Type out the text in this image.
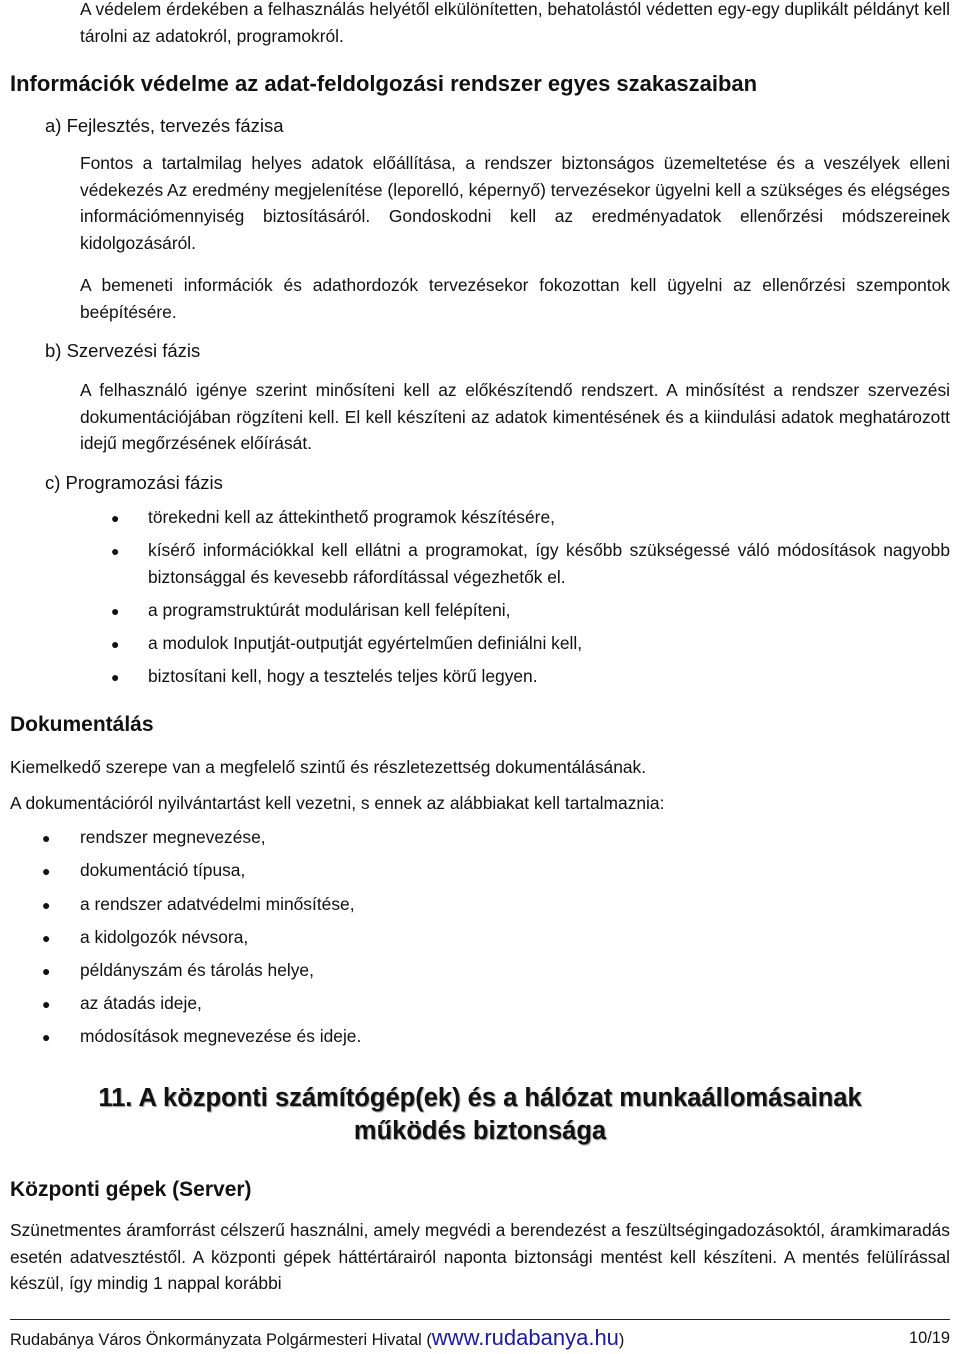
A védelem érdekében a felhasználás helyétől elkülönítetten, behatolástól védetten egy-egy duplikált példányt kell tárolni az adatokról, programokról.
Információk védelme az adat-feldolgozási rendszer egyes szakaszaiban
a) Fejlesztés, tervezés fázisa
Fontos a tartalmilag helyes adatok előállítása, a rendszer biztonságos üzemeltetése és a veszélyek elleni védekezés Az eredmény megjelenítése (leporelló, képernyő) tervezésekor ügyelni kell a szükséges és elégséges információmennyiség biztosításáról. Gondoskodni kell az eredményadatok ellenőrzési módszereinek kidolgozásáról.
A bemeneti információk és adathordozók tervezésekor fokozottan kell ügyelni az ellenőrzési szempontok beépítésére.
b) Szervezési fázis
A felhasználó igénye szerint minősíteni kell az előkészítendő rendszert. A minősítést a rendszer szervezési dokumentációjában rögzíteni kell. El kell készíteni az adatok kimentésének és a kiindulási adatok meghatározott idejű megőrzésének előírását.
c) Programozási fázis
● törekedni kell az áttekinthető programok készítésére,
● kísérő információkkal kell ellátni a programokat, így később szükségessé váló módosítások nagyobb biztonsággal és kevesebb ráfordítással végezhetők el.
● a programstruktúrát modulárisan kell felépíteni,
● a modulok Inputját-outputját egyértelműen definiálni kell,
● biztosítani kell, hogy a tesztelés teljes körű legyen.
Dokumentálás
Kiemelkedő szerepe van a megfelelő szintű és részletezettség dokumentálásának.
A dokumentációról nyilvántartást kell vezetni, s ennek az alábbiakat kell tartalmaznia:
● rendszer megnevezése,
● dokumentáció típusa,
● a rendszer adatvédelmi minősítése,
● a kidolgozók névsora,
● példányszám és tárolás helye,
● az átadás ideje,
● módosítások megnevezése és ideje.
11. A központi számítógép(ek) és a hálózat munkaállomásainak
működés biztonsága
Központi gépek (Server)
Szünetmentes áramforrást célszerű használni, amely megvédi a berendezést a feszültségingadozásoktól, áramkimaradás esetén adatvesztéstől. A központi gépek háttértárairól naponta biztonsági mentést kell készíteni. A mentés felülírással készül, így mindig 1 nappal korábbi
Rudabánya Város Önkormányzata Polgármesteri Hivatal (www.rudabanya.hu)	10/19
